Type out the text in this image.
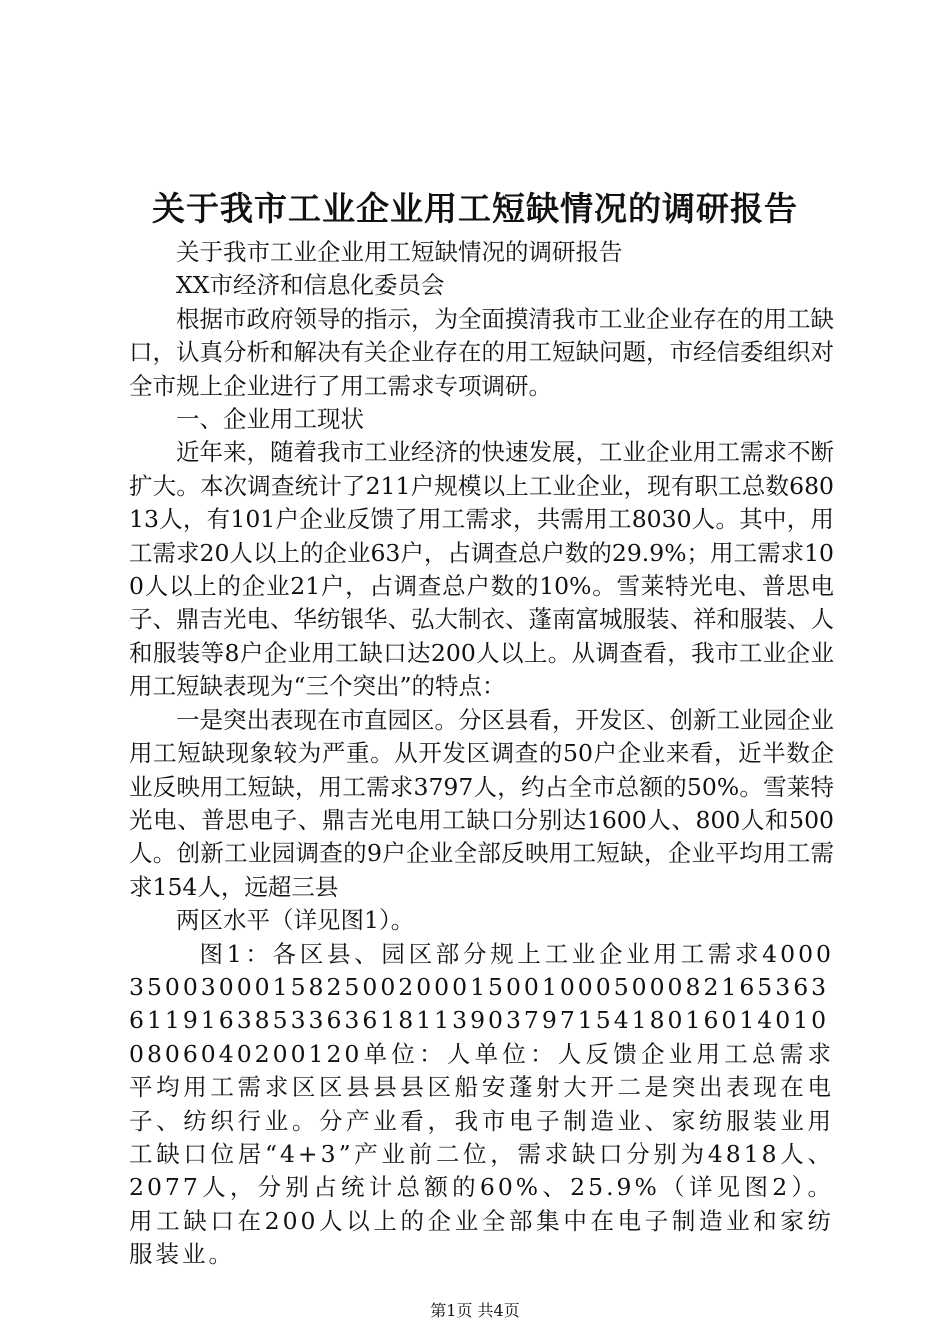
关于我市工业企业用工短缺情况的调研报告

关于我市工业企业用工短缺情况的调研报告

XX市经济和信息化委员会

根据市政府领导的指示，为全面摸清我市工业企业存在的用工缺口，认真分析和解决有关企业存在的用工短缺问题，市经信委组织对全市规上企业进行了用工需求专项调研。

一、企业用工现状

近年来，随着我市工业经济的快速发展，工业企业用工需求不断扩大。本次调查统计了211户规模以上工业企业，现有职工总数68013人，有101户企业反馈了用工需求，共需用工8030人。其中，用工需求20人以上的企业63户，占调查总户数的29.9%；用工需求100人以上的企业21户，占调查总户数的10%。雪莱特光电、普思电子、鼎吉光电、华纺银华、弘大制衣、蓬南富城服装、祥和服装、人和服装等8户企业用工缺口达200人以上。从调查看，我市工业企业用工短缺表现为“三个突出”的特点：

一是突出表现在市直园区。分区县看，开发区、创新工业园企业用工短缺现象较为严重。从开发区调查的50户企业来看，近半数企业反映用工短缺，用工需求3797人，约占全市总额的50%。雪莱特光电、普思电子、鼎吉光电用工缺口分别达1600人、800人和500人。创新工业园调查的9户企业全部反映用工短缺，企业平均用工需求154人，远超三县

两区水平（详见图1）。

图1：各区县、园区部分规上工业企业用工需求400035003000158250020001500100050008216536361191638533636181139037971541801601401008060402001​20单位：人单位：人反馈企业用工总需求平均用工需求区区县县县区船安蓬射大开二是突出表现在电子、纺织行业。分产业看，我市电子制造业、家纺服装业用工缺口位居“4+3”产业前二位，需求缺口分别为4818人、2077人，分别占统计总额的60%、25.9%（详见图2）。用工缺口在200人以上的企业全部集中在电子制造业和家纺服装业。

第1页 共4页
